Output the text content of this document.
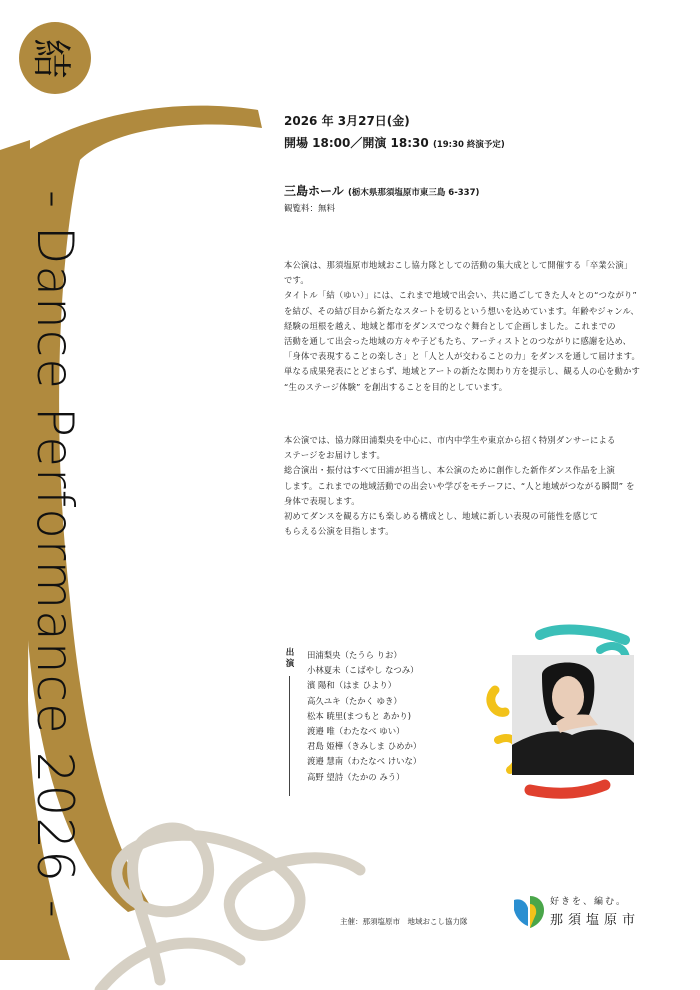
結
- Dance Performance 2026 -
2026 年 3月27日(金)
開場 18:00／開演 18:30 (19:30 終演予定)
三島ホール (栃木県那須塩原市東三島 6-337)
観覧料：無料
本公演は、那須塩原市地域おこし協力隊としての活動の集大成として開催する「卒業公演」
です。
タイトル「結（ゆい）」には、これまで地域で出会い、共に過ごしてきた人々との“つながり”
を結び、その結び目から新たなスタートを切るという想いを込めています。年齢やジャンル、
経験の垣根を越え、地域と都市をダンスでつなぐ舞台として企画しました。これまでの
活動を通して出会った地域の方々や子どもたち、アーティストとのつながりに感謝を込め、
「身体で表現することの楽しさ」と「人と人が交わることの力」をダンスを通して届けます。
単なる成果発表にとどまらず、地域とアートの新たな関わり方を提示し、観る人の心を動かす
“生のステージ体験” を創出することを目的としています。
本公演では、協力隊田浦梨央を中心に、市内中学生や東京から招く特別ダンサーによる
ステージをお届けします。
総合演出・振付はすべて田浦が担当し、本公演のために創作した新作ダンス作品を上演
します。これまでの地域活動での出会いや学びをモチーフに、“人と地域がつながる瞬間” を
身体で表現します。
初めてダンスを観る方にも楽しめる構成とし、地域に新しい表現の可能性を感じて
もらえる公演を目指します。
出演
田浦梨央（たうら りお）
小林夏未（こばやし なつみ）
濱 陽和（はま ひより）
高久ユキ（たかく ゆき）
松本 暁里(まつもと あかり)
渡邉 唯（わたなべ ゆい）
君島 姫樺（きみしま ひめか）
渡邉 慧南（わたなべ けいな）
高野 望詩（たかの みう）
主催：那須塩原市　地域おこし協力隊
好きを、編む。
那須塩原市
